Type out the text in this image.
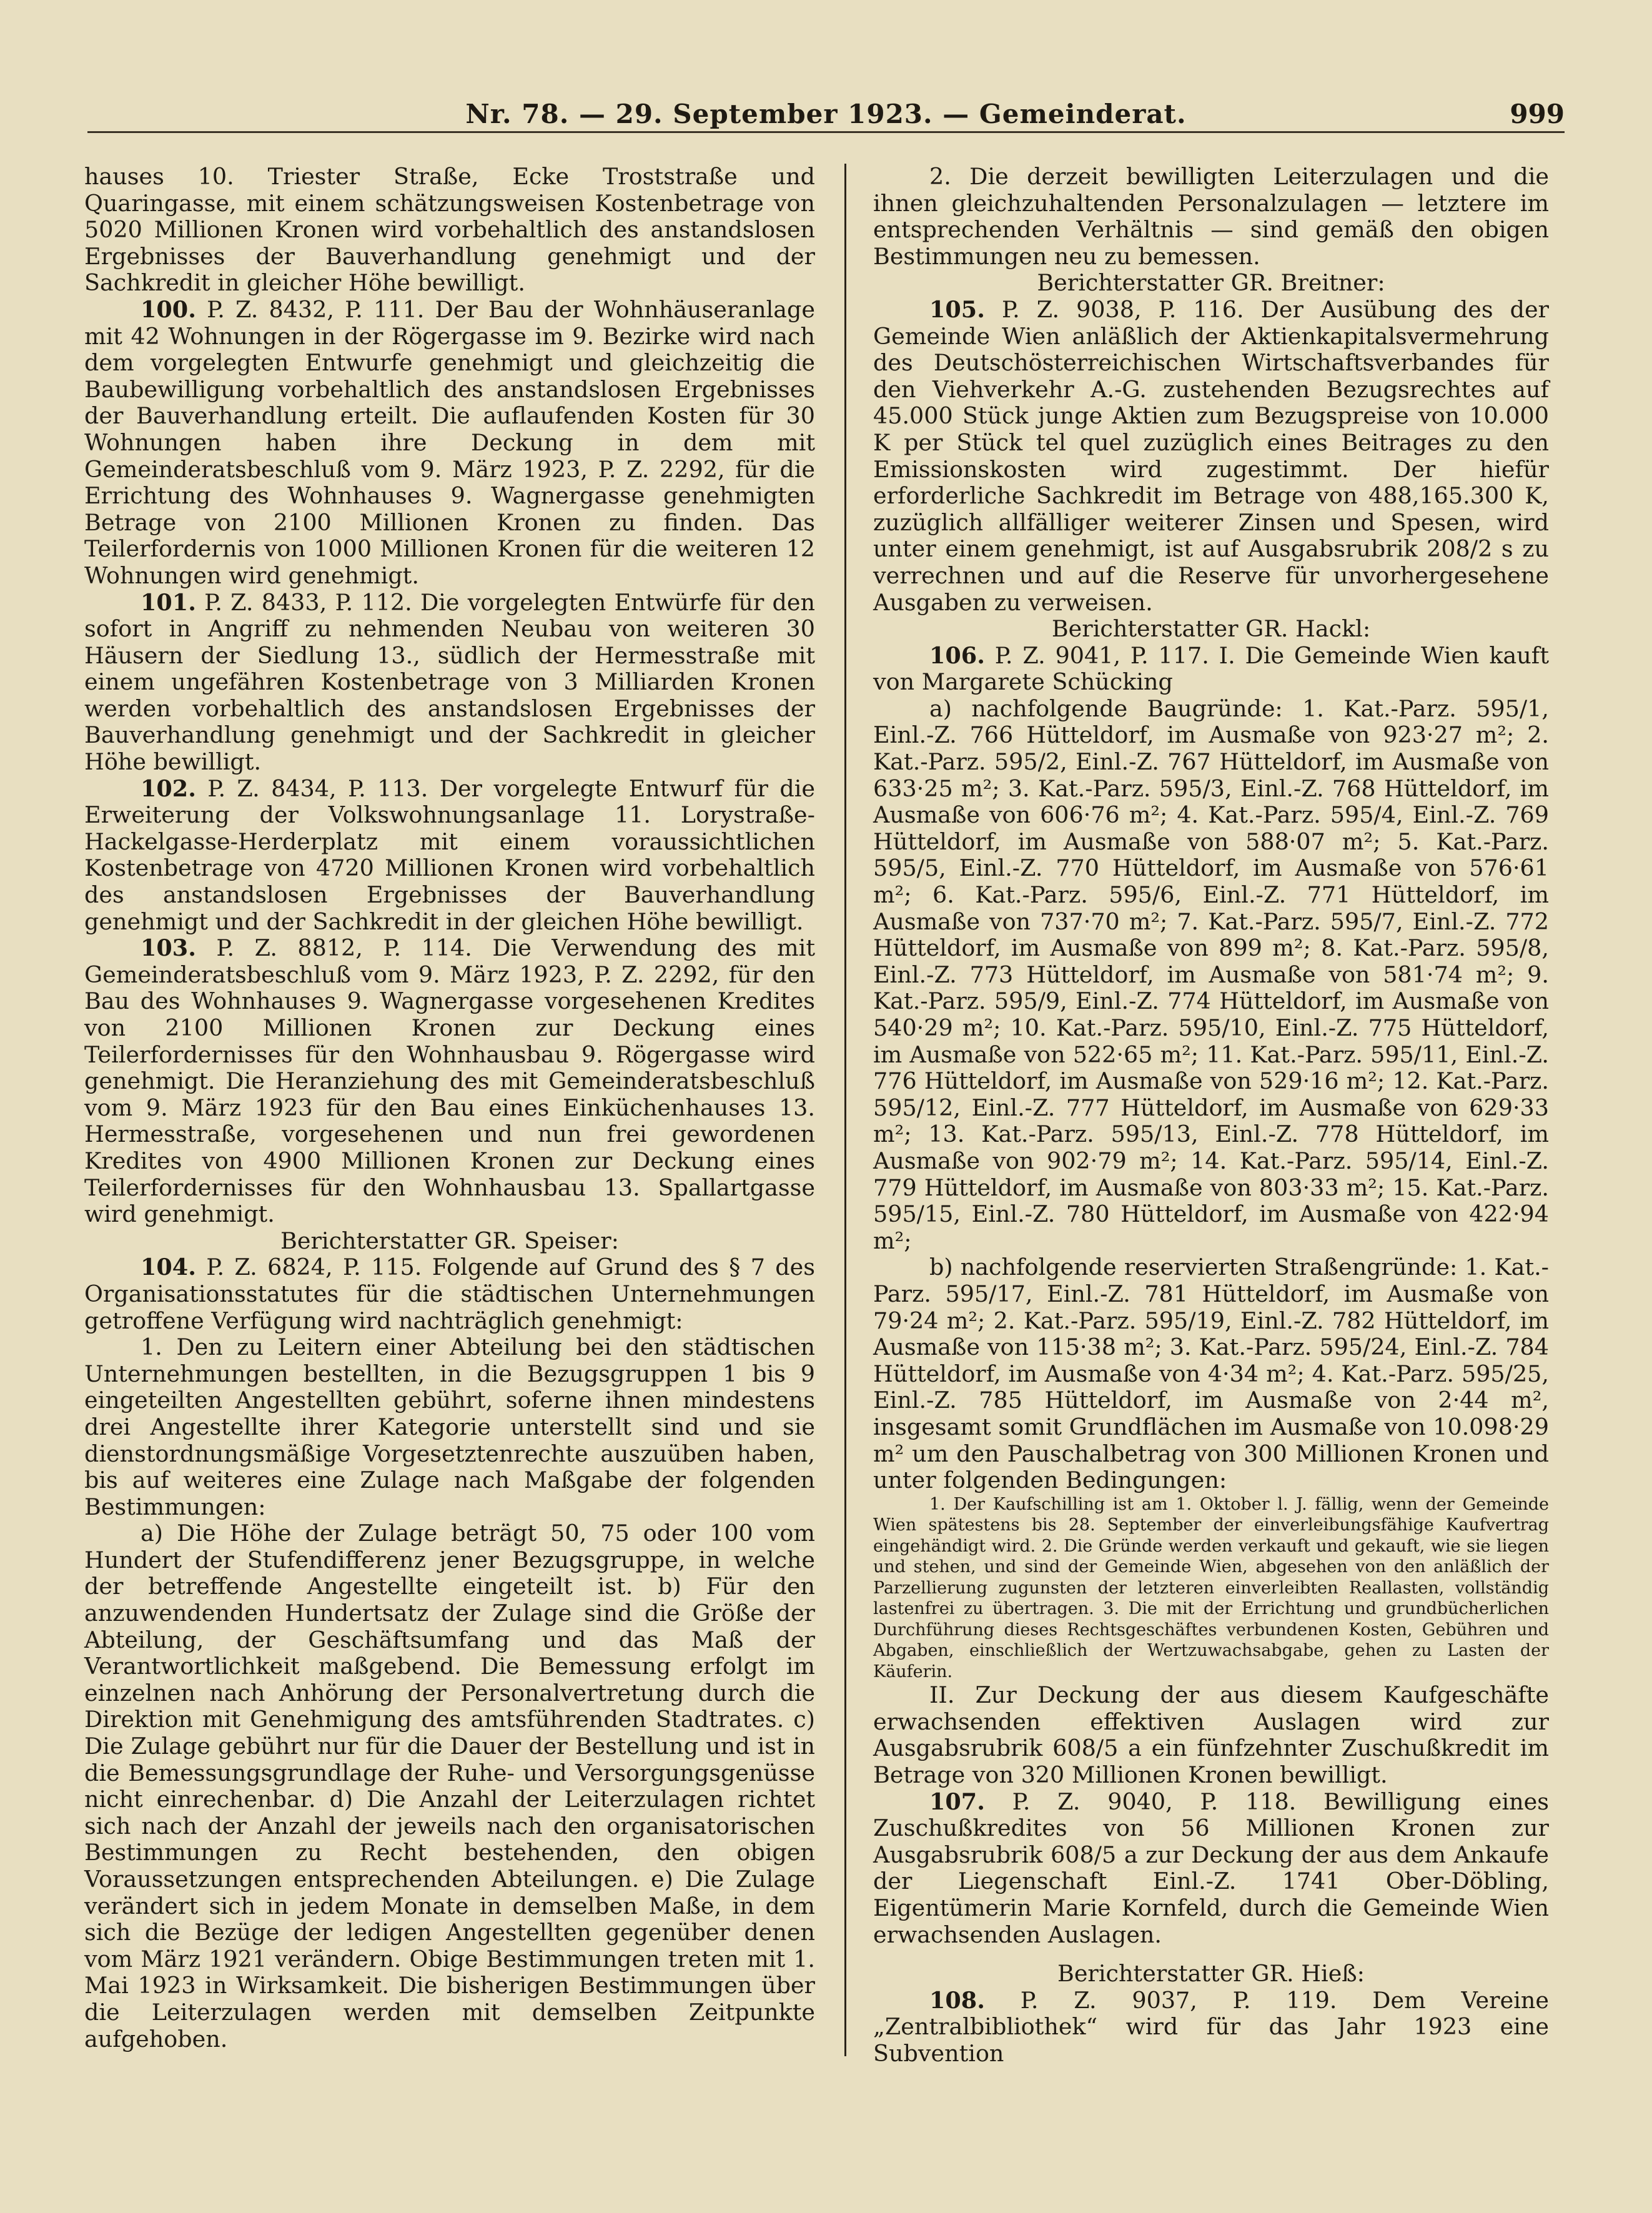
Nr. 78. — 29. September 1923. — Gemeinderat.	999

hauses 10. Triester Straße, Ecke Troststraße und Quaringasse, mit einem schätzungsweisen Kostenbetrage von 5020 Millionen Kronen wird vorbehaltlich des anstandslosen Ergebnisses der Bauverhandlung genehmigt und der Sachkredit in gleicher Höhe bewilligt.

100. P. Z. 8432, P. 111. Der Bau der Wohnhäuseranlage mit 42 Wohnungen in der Rögergasse im 9. Bezirke wird nach dem vorgelegten Entwurfe genehmigt und gleichzeitig die Baubewilligung vorbehaltlich des anstandslosen Ergebnisses der Bauverhandlung erteilt. Die auflaufenden Kosten für 30 Wohnungen haben ihre Deckung in dem mit Gemeinderatsbeschluß vom 9. März 1923, P. Z. 2292, für die Errichtung des Wohnhauses 9. Wagnergasse genehmigten Betrage von 2100 Millionen Kronen zu finden. Das Teilerfordernis von 1000 Millionen Kronen für die weiteren 12 Wohnungen wird genehmigt.

101. P. Z. 8433, P. 112. Die vorgelegten Entwürfe für den sofort in Angriff zu nehmenden Neubau von weiteren 30 Häusern der Siedlung 13., südlich der Hermesstraße mit einem ungefähren Kostenbetrage von 3 Milliarden Kronen werden vorbehaltlich des anstandslosen Ergebnisses der Bauverhandlung genehmigt und der Sachkredit in gleicher Höhe bewilligt.

102. P. Z. 8434, P. 113. Der vorgelegte Entwurf für die Erweiterung der Volkswohnungsanlage 11. Lorystraße-Hackelgasse-Herderplatz mit einem voraussichtlichen Kostenbetrage von 4720 Millionen Kronen wird vorbehaltlich des anstandslosen Ergebnisses der Bauverhandlung genehmigt und der Sachkredit in der gleichen Höhe bewilligt.

103. P. Z. 8812, P. 114. Die Verwendung des mit Gemeinderatsbeschluß vom 9. März 1923, P. Z. 2292, für den Bau des Wohnhauses 9. Wagnergasse vorgesehenen Kredites von 2100 Millionen Kronen zur Deckung eines Teilerfordernisses für den Wohnhausbau 9. Rögergasse wird genehmigt. Die Heranziehung des mit Gemeinderatsbeschluß vom 9. März 1923 für den Bau eines Einküchenhauses 13. Hermesstraße, vorgesehenen und nun frei gewordenen Kredites von 4900 Millionen Kronen zur Deckung eines Teilerfordernisses für den Wohnhausbau 13. Spallartgasse wird genehmigt.

Berichterstatter GR. Speiser:

104. P. Z. 6824, P. 115. Folgende auf Grund des § 7 des Organisationsstatutes für die städtischen Unternehmungen getroffene Verfügung wird nachträglich genehmigt:

1. Den zu Leitern einer Abteilung bei den städtischen Unternehmungen bestellten, in die Bezugsgruppen 1 bis 9 eingeteilten Angestellten gebührt, soferne ihnen mindestens drei Angestellte ihrer Kategorie unterstellt sind und sie dienstordnungsmäßige Vorgesetztenrechte auszuüben haben, bis auf weiteres eine Zulage nach Maßgabe der folgenden Bestimmungen:

a) Die Höhe der Zulage beträgt 50, 75 oder 100 vom Hundert der Stufendifferenz jener Bezugsgruppe, in welche der betreffende Angestellte eingeteilt ist. b) Für den anzuwendenden Hundertsatz der Zulage sind die Größe der Abteilung, der Geschäftsumfang und das Maß der Verantwortlichkeit maßgebend. Die Bemessung erfolgt im einzelnen nach Anhörung der Personalvertretung durch die Direktion mit Genehmigung des amtsführenden Stadtrates. c) Die Zulage gebührt nur für die Dauer der Bestellung und ist in die Bemessungsgrundlage der Ruhe- und Versorgungsgenüsse nicht einrechenbar. d) Die Anzahl der Leiterzulagen richtet sich nach der Anzahl der jeweils nach den organisatorischen Bestimmungen zu Recht bestehenden, den obigen Voraussetzungen entsprechenden Abteilungen. e) Die Zulage verändert sich in jedem Monate in demselben Maße, in dem sich die Bezüge der ledigen Angestellten gegenüber denen vom März 1921 verändern. Obige Bestimmungen treten mit 1. Mai 1923 in Wirksamkeit. Die bisherigen Bestimmungen über die Leiterzulagen werden mit demselben Zeitpunkte aufgehoben.

2. Die derzeit bewilligten Leiterzulagen und die ihnen gleichzuhaltenden Personalzulagen — letztere im entsprechenden Verhältnis — sind gemäß den obigen Bestimmungen neu zu bemessen.

Berichterstatter GR. Breitner:

105. P. Z. 9038, P. 116. Der Ausübung des der Gemeinde Wien anläßlich der Aktienkapitalsvermehrung des Deutschösterreichischen Wirtschaftsverbandes für den Viehverkehr A.-G. zustehenden Bezugsrechtes auf 45.000 Stück junge Aktien zum Bezugspreise von 10.000 K per Stück tel quel zuzüglich eines Beitrages zu den Emissionskosten wird zugestimmt. Der hiefür erforderliche Sachkredit im Betrage von 488,165.300 K, zuzüglich allfälliger weiterer Zinsen und Spesen, wird unter einem genehmigt, ist auf Ausgabsrubrik 208/2 s zu verrechnen und auf die Reserve für unvorhergesehene Ausgaben zu verweisen.

Berichterstatter GR. Hackl:

106. P. Z. 9041, P. 117. I. Die Gemeinde Wien kauft von Margarete Schücking

a) nachfolgende Baugründe: 1. Kat.-Parz. 595/1, Einl.-Z. 766 Hütteldorf, im Ausmaße von 923·27 m²; 2. Kat.-Parz. 595/2, Einl.-Z. 767 Hütteldorf, im Ausmaße von 633·25 m²; 3. Kat.-Parz. 595/3, Einl.-Z. 768 Hütteldorf, im Ausmaße von 606·76 m²; 4. Kat.-Parz. 595/4, Einl.-Z. 769 Hütteldorf, im Ausmaße von 588·07 m²; 5. Kat.-Parz. 595/5, Einl.-Z. 770 Hütteldorf, im Ausmaße von 576·61 m²; 6. Kat.-Parz. 595/6, Einl.-Z. 771 Hütteldorf, im Ausmaße von 737·70 m²; 7. Kat.-Parz. 595/7, Einl.-Z. 772 Hütteldorf, im Ausmaße von 899 m²; 8. Kat.-Parz. 595/8, Einl.-Z. 773 Hütteldorf, im Ausmaße von 581·74 m²; 9. Kat.-Parz. 595/9, Einl.-Z. 774 Hütteldorf, im Ausmaße von 540·29 m²; 10. Kat.-Parz. 595/10, Einl.-Z. 775 Hütteldorf, im Ausmaße von 522·65 m²; 11. Kat.-Parz. 595/11, Einl.-Z. 776 Hütteldorf, im Ausmaße von 529·16 m²; 12. Kat.-Parz. 595/12, Einl.-Z. 777 Hütteldorf, im Ausmaße von 629·33 m²; 13. Kat.-Parz. 595/13, Einl.-Z. 778 Hütteldorf, im Ausmaße von 902·79 m²; 14. Kat.-Parz. 595/14, Einl.-Z. 779 Hütteldorf, im Ausmaße von 803·33 m²; 15. Kat.-Parz. 595/15, Einl.-Z. 780 Hütteldorf, im Ausmaße von 422·94 m²;

b) nachfolgende reservierten Straßengründe: 1. Kat.-Parz. 595/17, Einl.-Z. 781 Hütteldorf, im Ausmaße von 79·24 m²; 2. Kat.-Parz. 595/19, Einl.-Z. 782 Hütteldorf, im Ausmaße von 115·38 m²; 3. Kat.-Parz. 595/24, Einl.-Z. 784 Hütteldorf, im Ausmaße von 4·34 m²; 4. Kat.-Parz. 595/25, Einl.-Z. 785 Hütteldorf, im Ausmaße von 2·44 m², insgesamt somit Grundflächen im Ausmaße von 10.098·29 m² um den Pauschalbetrag von 300 Millionen Kronen und unter folgenden Bedingungen:

1. Der Kaufschilling ist am 1. Oktober l. J. fällig, wenn der Gemeinde Wien spätestens bis 28. September der einverleibungsfähige Kaufvertrag eingehändigt wird. 2. Die Gründe werden verkauft und gekauft, wie sie liegen und stehen, und sind der Gemeinde Wien, abgesehen von den anläßlich der Parzellierung zugunsten der letzteren einverleibten Reallasten, vollständig lastenfrei zu übertragen. 3. Die mit der Errichtung und grundbücherlichen Durchführung dieses Rechtsgeschäftes verbundenen Kosten, Gebühren und Abgaben, einschließlich der Wertzuwachsabgabe, gehen zu Lasten der Käuferin.

II. Zur Deckung der aus diesem Kaufgeschäfte erwachsenden effektiven Auslagen wird zur Ausgabsrubrik 608/5 a ein fünfzehnter Zuschußkredit im Betrage von 320 Millionen Kronen bewilligt.

107. P. Z. 9040, P. 118. Bewilligung eines Zuschußkredites von 56 Millionen Kronen zur Ausgabsrubrik 608/5 a zur Deckung der aus dem Ankaufe der Liegenschaft Einl.-Z. 1741 Ober-Döbling, Eigentümerin Marie Kornfeld, durch die Gemeinde Wien erwachsenden Auslagen.

Berichterstatter GR. Hieß:

108. P. Z. 9037, P. 119. Dem Vereine „Zentralbibliothek“ wird für das Jahr 1923 eine Subvention
